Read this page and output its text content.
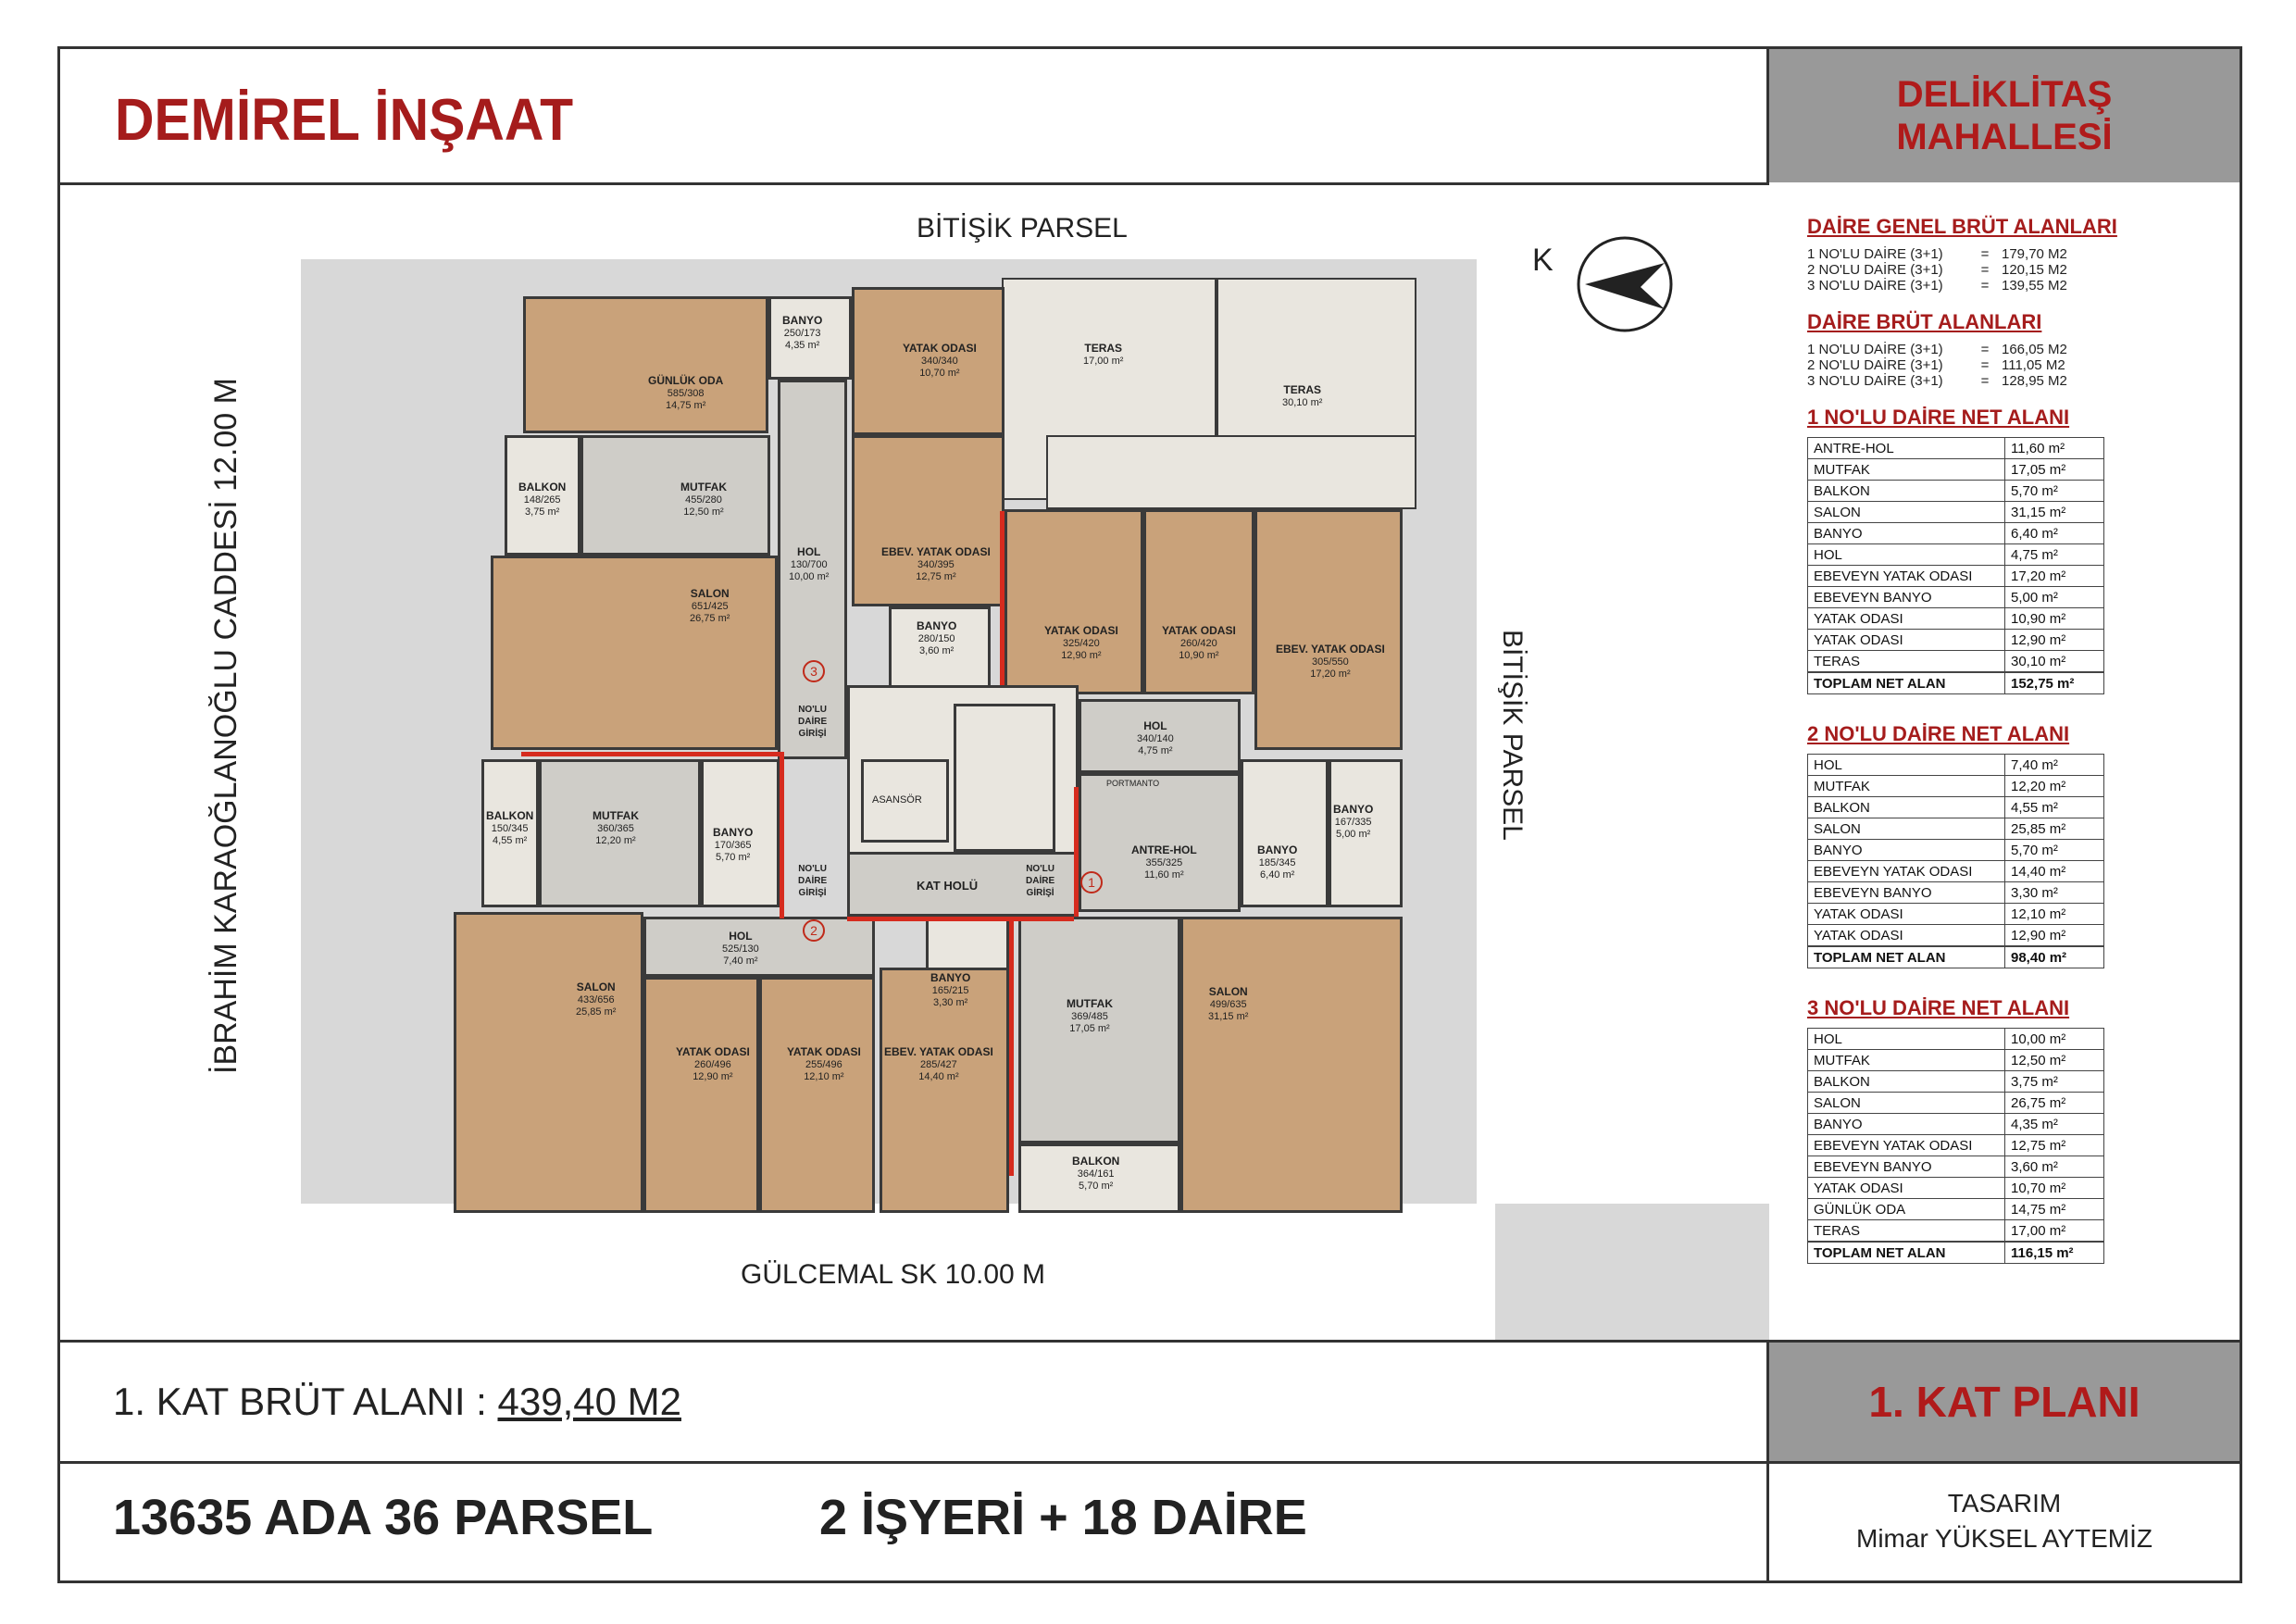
DEMİREL İNŞAAT	DELİKLİTAŞ
MAHALLESİ
BİTİŞİK PARSEL
BİTİŞİK PARSEL
İBRAHİM KARAOĞLANOĞLU CADDESİ 12.00 M
GÜLCEMAL SK 10.00 M
K
GÜNLÜK ODA
585/308
14,75 m²
BANYO
250/173
4,35 m²	YATAK ODASI
340/340
10,70 m²
TERAS
17,00 m²
TERAS
30,10 m²
BALKON
148/265
3,75 m²
MUTFAK
455/280
12,50 m²
HOL
130/700
10,00 m²
EBEV. YATAK ODASI
340/395
12,75 m²
YATAK ODASI
325/420
12,90 m²
YATAK ODASI
260/420
10,90 m²	EBEV. YATAK ODASI
305/550
17,20 m²
SALON
651/425
26,75 m²
BANYO
280/150
3,60 m²
HOL
340/140
4,75 m²
BALKON
150/345
4,55 m²
MUTFAK
360/365
12,20 m²
BANYO
170/365
5,70 m²
ANTRE-HOL
355/325
11,60 m²
BANYO
185/345
6,40 m²
BANYO
167/335
5,00 m²
HOL
525/130
7,40 m²
SALON
433/656
25,85 m²
BANYO
165/215
3,30 m²	MUTFAK
369/485
17,05 m²
SALON
499/635
31,15 m²
YATAK ODASI
260/496
12,90 m²
YATAK ODASI
255/496
12,10 m²
EBEV. YATAK ODASI
285/427
14,40 m²
BALKON
364/161
5,70 m²
ASANSÖR
KAT HOLÜ
PORTMANTO
NO'LU
DAİRE
GİRİŞİ
NO'LU
DAİRE
GİRİŞİ
NO'LU
DAİRE
GİRİŞİ
3
2
1
DAİRE GENEL BRÜT ALANLARI
1 NO'LU DAİRE (3+1)	= 179,70 M2
2 NO'LU DAİRE (3+1)	= 120,15 M2
3 NO'LU DAİRE (3+1)	= 139,55 M2
DAİRE BRÜT ALANLARI
1 NO'LU DAİRE (3+1)	= 166,05 M2
2 NO'LU DAİRE (3+1)	= 111,05 M2
3 NO'LU DAİRE (3+1)	= 128,95 M2
1 NO'LU DAİRE NET ALANI
ANTRE-HOL	11,60 m²
MUTFAK	17,05 m²
BALKON	5,70 m²
SALON	31,15 m²
BANYO	6,40 m²
HOL	4,75 m²
EBEVEYN YATAK ODASI	17,20 m²
EBEVEYN BANYO	5,00 m²
YATAK ODASI	10,90 m²
YATAK ODASI	12,90 m²
TERAS	30,10 m²
TOPLAM NET ALAN	152,75 m²
2 NO'LU DAİRE NET ALANI
HOL	7,40 m²
MUTFAK	12,20 m²
BALKON	4,55 m²
SALON	25,85 m²
BANYO	5,70 m²
EBEVEYN YATAK ODASI	14,40 m²
EBEVEYN BANYO	3,30 m²
YATAK ODASI	12,10 m²
YATAK ODASI	12,90 m²
TOPLAM NET ALAN	98,40 m²
3 NO'LU DAİRE NET ALANI
HOL	10,00 m²
MUTFAK	12,50 m²
BALKON	3,75 m²
SALON	26,75 m²
BANYO	4,35 m²
EBEVEYN YATAK ODASI	12,75 m²
EBEVEYN BANYO	3,60 m²
YATAK ODASI	10,70 m²
GÜNLÜK ODA	14,75 m²
TERAS	17,00 m²
TOPLAM NET ALAN	116,15 m²
1. KAT BRÜT ALANI : 439,40 M2	1. KAT PLANI
13635 ADA 36 PARSEL	2 İŞYERİ + 18 DAİRE	TASARIM
Mimar YÜKSEL AYTEMİZ
